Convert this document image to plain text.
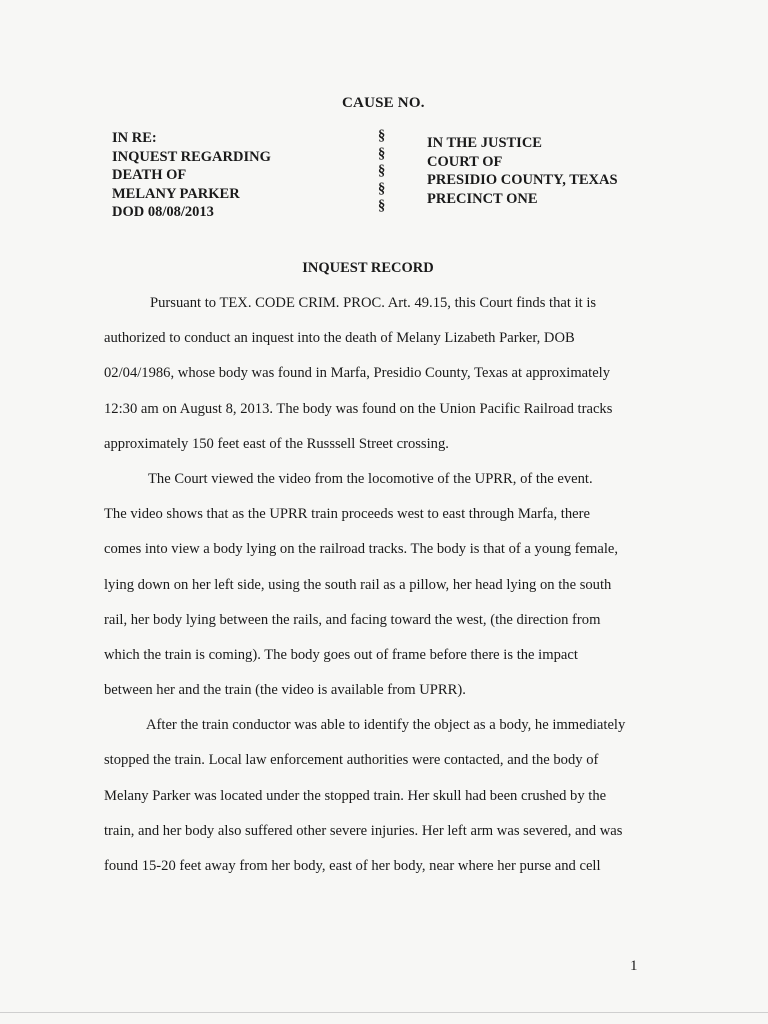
CAUSE NO.
IN RE:
INQUEST REGARDING
DEATH OF
MELANY PARKER
DOD 08/08/2013
§
§
§
§
§
IN THE JUSTICE
COURT OF
PRESIDIO COUNTY, TEXAS
PRECINCT ONE
INQUEST RECORD
Pursuant to TEX. CODE CRIM. PROC. Art. 49.15, this Court finds that it is
authorized to conduct an inquest into the death of Melany Lizabeth Parker, DOB
02/04/1986, whose body was found in Marfa, Presidio County, Texas at approximately
12:30 am on August 8, 2013. The body was found on the Union Pacific Railroad tracks
approximately 150 feet east of the Russsell Street crossing.
The Court viewed the video from the locomotive of the UPRR, of the event.
The video shows that as the UPRR train proceeds west to east through Marfa, there
comes into view a body lying on the railroad tracks. The body is that of a young female,
lying down on her left side, using the south rail as a pillow, her head lying on the south
rail, her body lying between the rails, and facing toward the west, (the direction from
which the train is coming). The body goes out of frame before there is the impact
between her and the train (the video is available from UPRR).
After the train conductor was able to identify the object as a body, he immediately
stopped the train. Local law enforcement authorities were contacted, and the body of
Melany Parker was located under the stopped train. Her skull had been crushed by the
train, and her body also suffered other severe injuries. Her left arm was severed, and was
found 15-20 feet away from her body, east of her body, near where her purse and cell
1
